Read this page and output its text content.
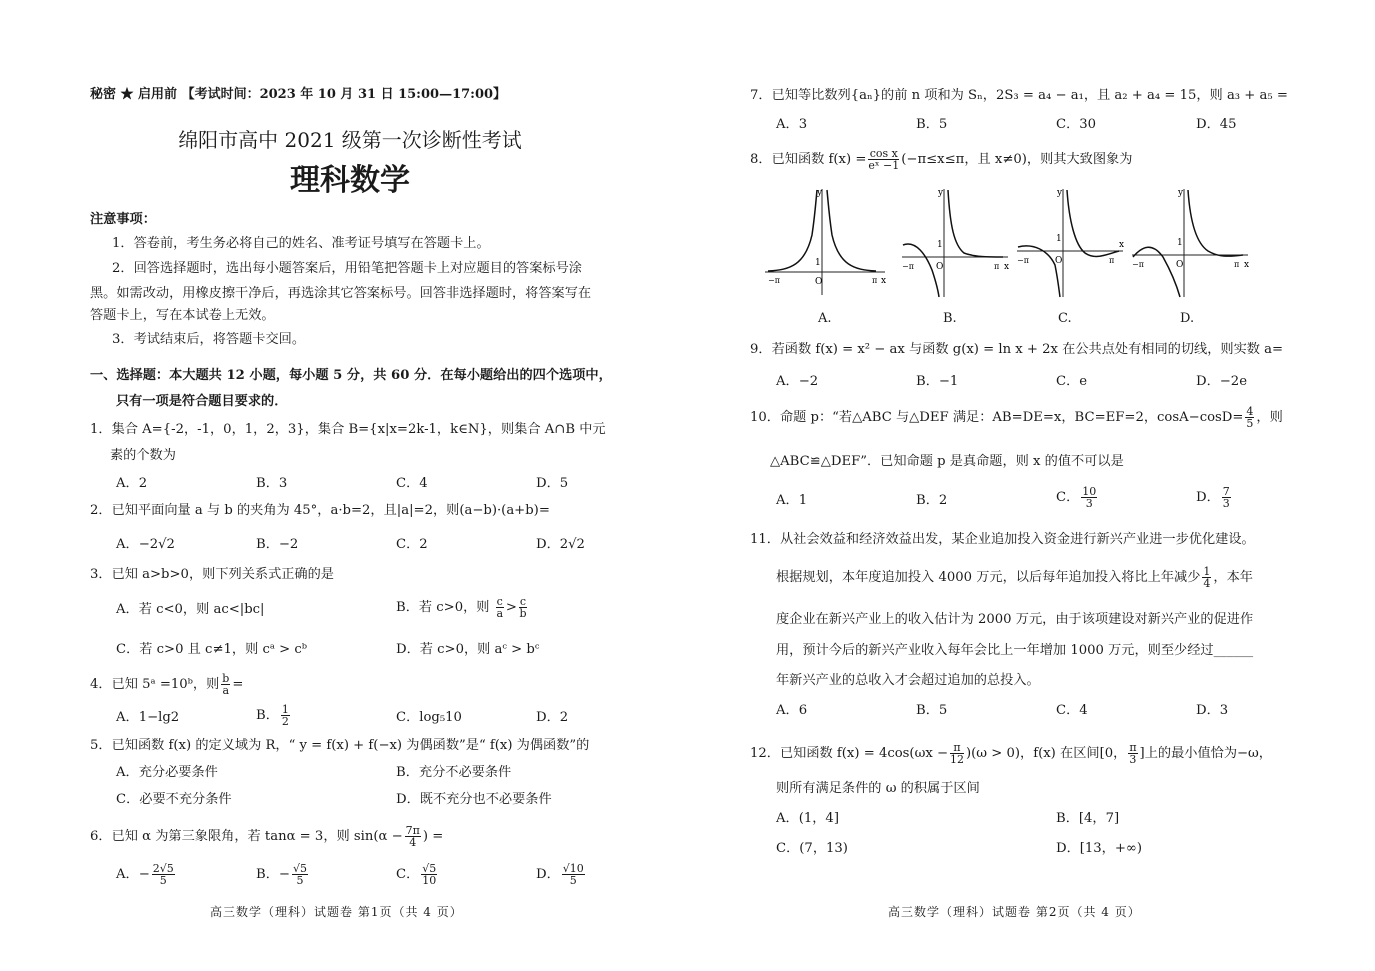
秘密 ★ 启用前 【考试时间：2023 年 10 月 31 日 15:00—17:00】
绵阳市高中 2021 级第一次诊断性考试
理科数学
注意事项：
1．答卷前，考生务必将自己的姓名、准考证号填写在答题卡上。
2．回答选择题时，选出每小题答案后，用铅笔把答题卡上对应题目的答案标号涂
黑。如需改动，用橡皮擦干净后，再选涂其它答案标号。回答非选择题时，将答案写在
答题卡上，写在本试卷上无效。
3．考试结束后，将答题卡交回。
一、选择题：本大题共 12 小题，每小题 5 分，共 60 分．在每小题给出的四个选项中，
只有一项是符合题目要求的．
1．集合 A={-2，-1，0，1，2，3}，集合 B={x|x=2k-1，k∈N}，则集合 A∩B 中元
素的个数为
A．2	B．3	C．4	D．5
2．已知平面向量 a 与 b 的夹角为 45°，a·b=2，且|a|=2，则(a−b)·(a+b)=
A．−2√2	B．−2	C．2	D．2√2
3．已知 a>b>0，则下列关系式正确的是
A．若 c<0，则 ac<|bc|	B．若 c>0，则 $\frac{c}{a} > \frac{c}{b}$
C．若 c>0 且 c≠1，则 cᵃ > cᵇ	D．若 c>0，则 aᶜ > bᶜ
4．已知 5ᵃ =10ᵇ，则 $\frac{b}{a}$ =
A．1−lg2	B． $\frac{1}{2}$	C．log₅10	D．2
5．已知函数 f(x) 的定义域为 R，“ y = f(x) + f(−x) 为偶函数”是“ f(x) 为偶函数”的
A．充分必要条件	B．充分不必要条件
C．必要不充分条件	D．既不充分也不必要条件
6．已知 α 为第三象限角，若 tanα = 3，则 $\sin(\alpha - \frac{7\pi}{4}$ ) =
A．− $\frac{2√5}{5}$	B．− $\frac{√5}{5}$	C． $\frac{√5}{10}$	D． $\frac{√10}{5}$
高三数学（理科）试题卷 第1页（共 4 页）
7．已知等比数列{aₙ}的前 n 项和为 Sₙ，2S₃ = a₄ − a₁，且 a₂ + a₄ = 15，则 a₃ + a₅ =
A．3	B．5	C．30	D．45
8．已知函数 $f(x) = \frac{\text{cos x}}{\text{eˣ −1}} (-\pi\le x\le\pi$，且 x≠0)，则其大致图象为
y
x
O
1
−π	π
y
x
O
1
−π	π
y
x
O
1
−π	π
y
x
O
1
−π	π
A.	B.	C.	D.
9．若函数 f(x) = x² − ax 与函数 g(x) = ln x + 2x 在公共点处有相同的切线，则实数 a=
A．−2	B．−1	C．e	D．−2e
10．命题 p：“若△ABC 与△DEF 满足：AB=DE=x，BC=EF=2，$\cos A-\cos D= \frac{4}{5}$ ，则
△ABC≌△DEF”．已知命题 p 是真命题，则 x 的值不可以是
A．1	B．2	C． $\frac{10}{3}$	D． $\frac{7}{3}$
11．从社会效益和经济效益出发，某企业追加投入资金进行新兴产业进一步优化建设。
根据规划，本年度追加投入 4000 万元，以后每年追加投入将比上年减少 $\frac{1}{4}$ ，本年
度企业在新兴产业上的收入估计为 2000 万元，由于该项建设对新兴产业的促进作
用，预计今后的新兴产业收入每年会比上一年增加 1000 万元，则至少经过______
年新兴产业的总收入才会超过追加的总投入。
A．6	B．5	C．4	D．3
12．已知函数 $f(x) = 4\cos(\omega x - \frac{\pi}{12} )(\omega > 0)$，f(x) 在区间[0， $\frac{\pi}{3}$ ]上的最小值恰为−ω，
则所有满足条件的 ω 的积属于区间
A．(1，4]	B．[4，7]
C．(7，13)	D．[13，+∞)
高三数学（理科）试题卷 第2页（共 4 页）
